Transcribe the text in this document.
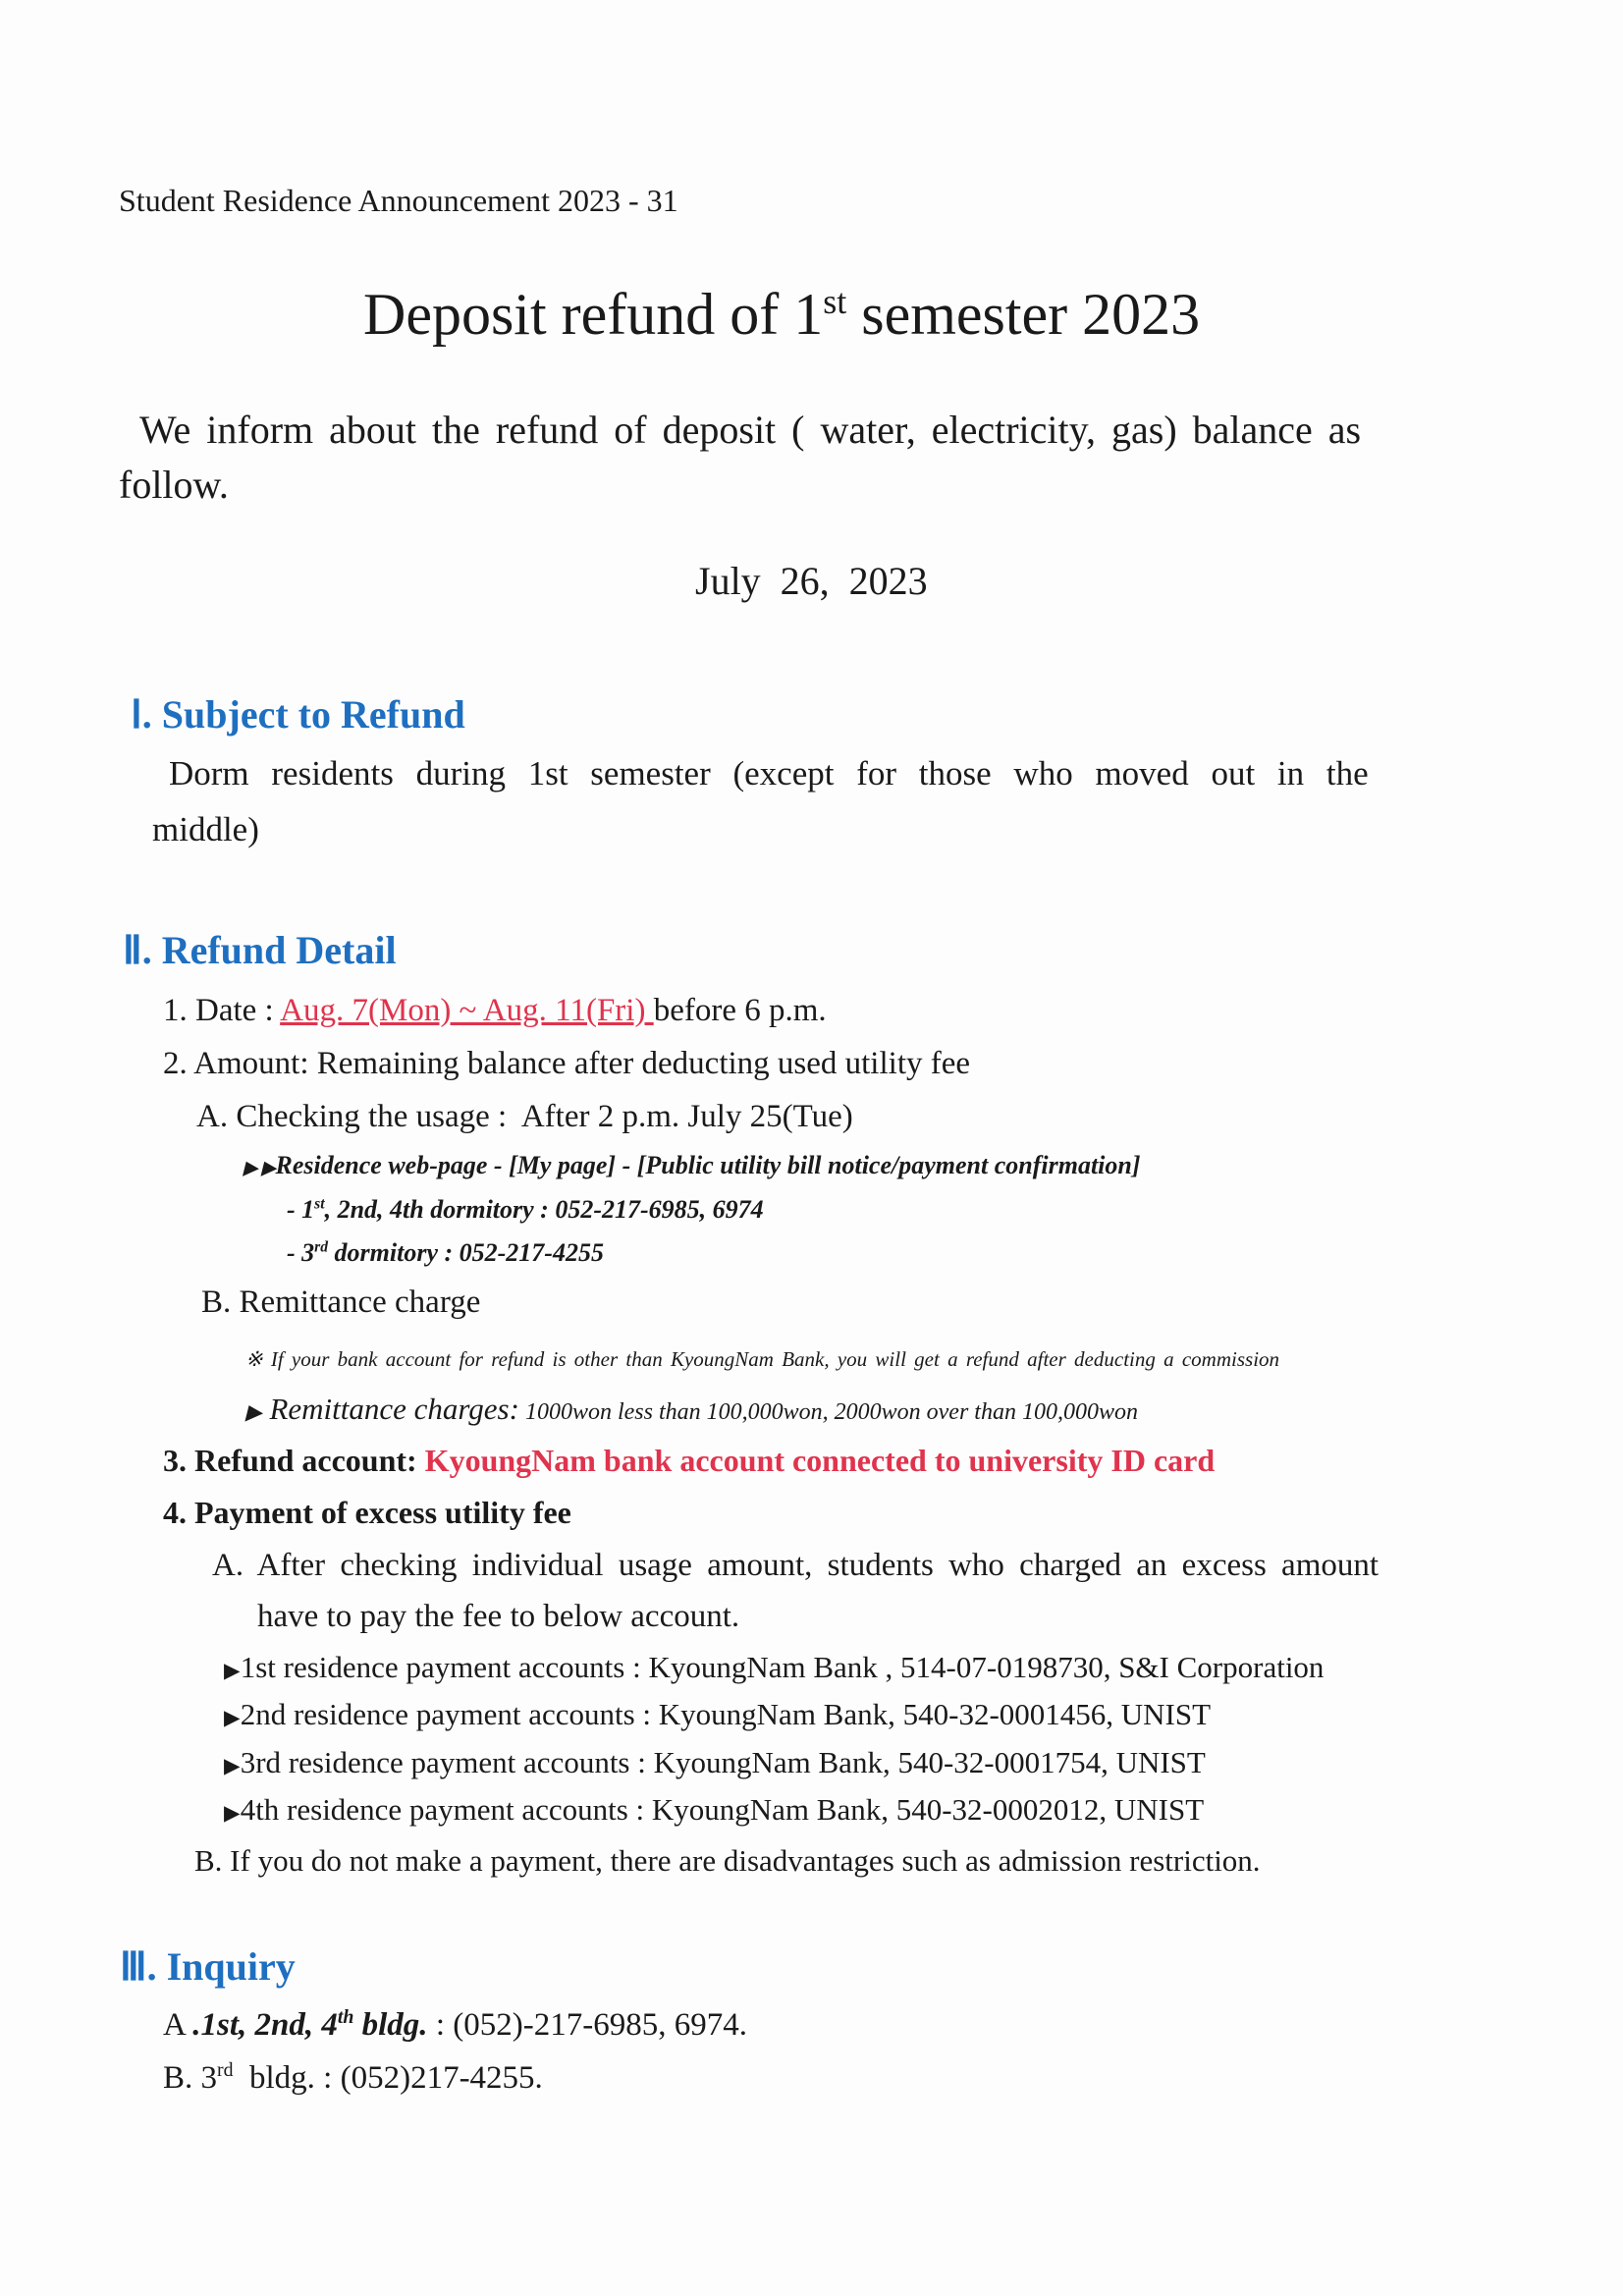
Student Residence Announcement 2023 - 31
Deposit refund of 1st semester 2023
We inform about the refund of deposit ( water, electricity, gas) balance as
follow.
July  26,  2023
Ⅰ. Subject to Refund
Dorm residents during 1st semester (except for those who moved out in the
middle)
Ⅱ. Refund Detail
1. Date : Aug. 7(Mon) ~ Aug. 11(Fri) before 6 p.m.
2. Amount: Remaining balance after deducting used utility fee
A. Checking the usage :  After 2 p.m. July 25(Tue)
▶ ▶Residence web-page - [My page] - [Public utility bill notice/payment confirmation]
- 1st, 2nd, 4th dormitory : 052-217-6985, 6974
- 3rd dormitory : 052-217-4255
B. Remittance charge
※ If your bank account for refund is other than KyoungNam Bank, you will get a refund after deducting a commission
▶ Remittance charges: 1000won less than 100,000won, 2000won over than 100,000won
3. Refund account: KyoungNam bank account connected to university ID card
4. Payment of excess utility fee
A. After checking individual usage amount, students who charged an excess amount
have to pay the fee to below account.
▶1st residence payment accounts : KyoungNam Bank , 514-07-0198730, S&I Corporation
▶2nd residence payment accounts : KyoungNam Bank, 540-32-0001456, UNIST
▶3rd residence payment accounts : KyoungNam Bank, 540-32-0001754, UNIST
▶4th residence payment accounts : KyoungNam Bank, 540-32-0002012, UNIST
B. If you do not make a payment, there are disadvantages such as admission restriction.
Ⅲ. Inquiry
A .1st, 2nd, 4th bldg. : (052)-217-6985, 6974.
B. 3rd  bldg. : (052)217-4255.
